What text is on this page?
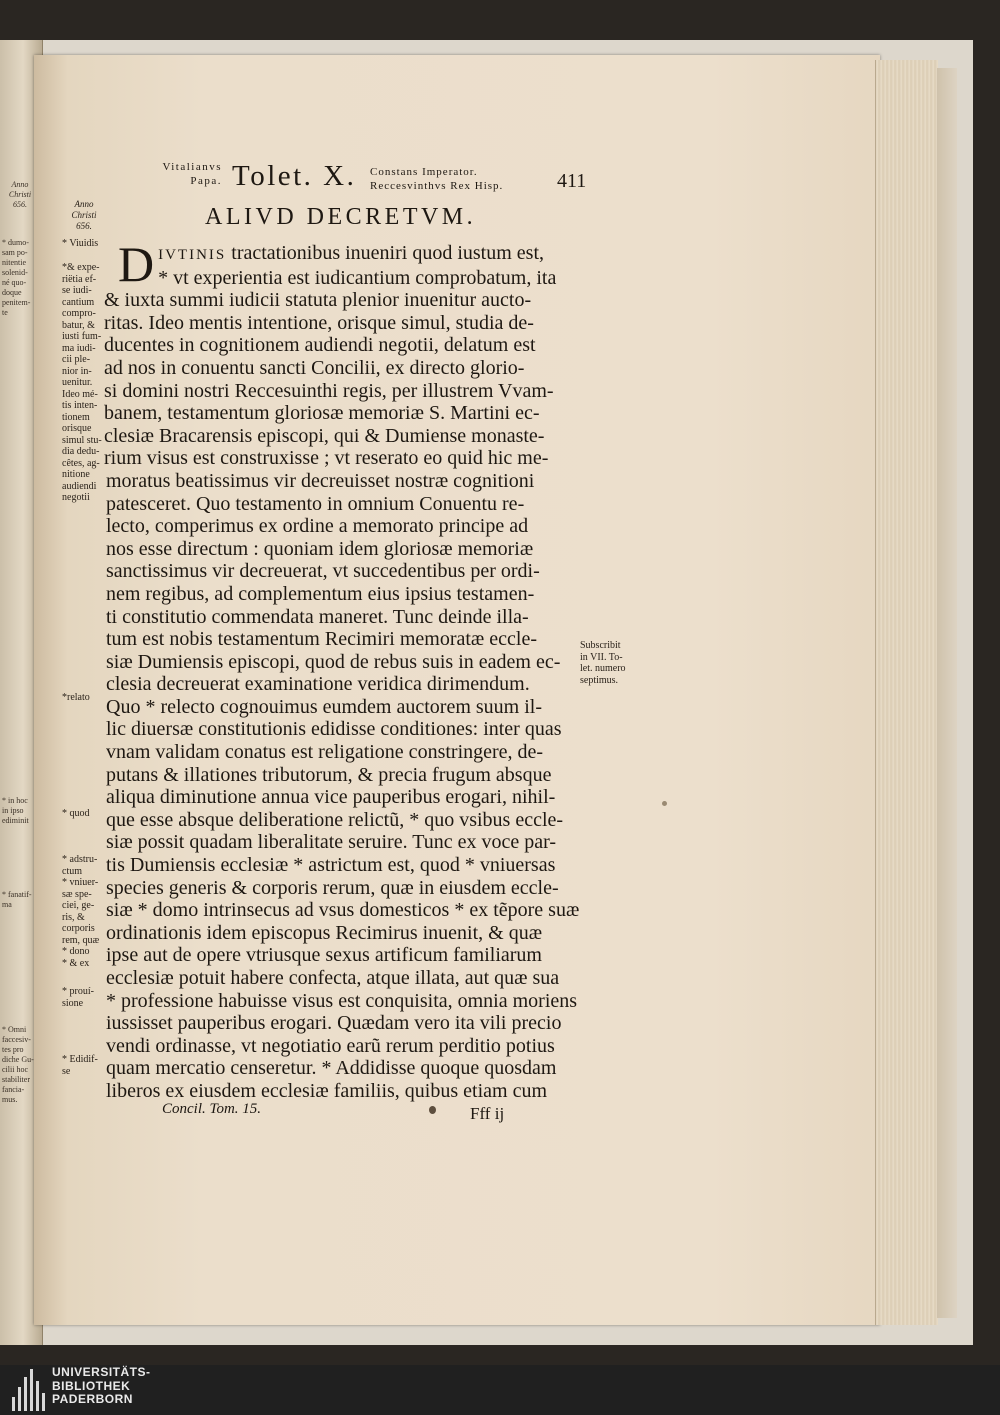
Anno
Christi
656.
* dumo-
sam po-
nitentie
solenid-
né quo-
doque
penitem-
te
* in hoc
in ipso
ediminit
* fanatif-
ma
* Omni
faccesiv-
tes pro
diche Gu-
cilii hoc
stabiliter
fancia-
mus.
Vitalianvs
Papa. Tolet. X. Constans Imperator.
Reccesvinthvs Rex Hisp.	411
Anno
Christi
656.	ALIVD DECRETVM.
* Viuidis
*& expe-
riëtia ef-
se iudi-
cantium
compro-
batur, &
iusti fum-
ma iudi-
cii ple-
nior in-
uenitur.
Ideo mé-
tis inten-
tionem
orisque
simul stu-
dia dedu-
cêtes, ag-
nitione
audiendi
negotii
*relato
* quod
* adstru-
ctum
* vniuer-
sæ spe-
ciei, ge-
ris, &
corporis
rem, quæ
* dono
* & ex
* prouí-
sione
* Edidif-
se
D IVTINIS tractationibus inueniri quod iustum est,
* vt experientia est iudicantium comprobatum, ita
& iuxta summi iudicii statuta plenior inuenitur aucto-
ritas. Ideo mentis intentione, orisque simul, studia de-
ducentes in cognitionem audiendi negotii, delatum est
ad nos in conuentu sancti Concilii, ex directo glorio-
si domini nostri Reccesuinthi regis, per illustrem Vvam-
banem, testamentum gloriosæ memoriæ S. Martini ec-
clesiæ Bracarensis episcopi, qui & Dumiense monaste-
rium visus est construxisse ; vt reserato eo quid hic me-
moratus beatissimus vir decreuisset nostræ cognitioni
patesceret. Quo testamento in omnium Conuentu re-
lecto, comperimus ex ordine a memorato principe ad
nos esse directum : quoniam idem gloriosæ memoriæ
sanctissimus vir decreuerat, vt succedentibus per ordi-
nem regibus, ad complementum eius ipsius testamen-
ti constitutio commendata maneret. Tunc deinde illa-
tum est nobis testamentum Recimiri memoratæ eccle-
siæ Dumiensis episcopi, quod de rebus suis in eadem ec-
clesia decreuerat examinatione veridica dirimendum.
Quo * relecto cognouimus eumdem auctorem suum il-
lic diuersæ constitutionis edidisse conditiones: inter quas
vnam validam conatus est religatione constringere, de-
putans & illationes tributorum, & precia frugum absque
aliqua diminutione annua vice pauperibus erogari, nihil-
que esse absque deliberatione relictũ, * quo vsibus eccle-
siæ possit quadam liberalitate seruire. Tunc ex voce par-
tis Dumiensis ecclesiæ * astrictum est, quod * vniuersas
species generis & corporis rerum, quæ in eiusdem eccle-
siæ * domo intrinsecus ad vsus domesticos * ex tẽpore suæ
ordinationis idem episcopus Recimirus inuenit, & quæ
ipse aut de opere vtriusque sexus artificum familiarum
ecclesiæ potuit habere confecta, atque illata, aut quæ sua
* professione habuisse visus est conquisita, omnia moriens
iussisset pauperibus erogari. Quædam vero ita vili precio
vendi ordinasse, vt negotiatio earũ rerum perditio potius
quam mercatio censeretur. * Addidisse quoque quosdam
liberos ex eiusdem ecclesiæ familiis, quibus etiam cum
Subscribit
in VII. To-
let. numero
septimus.
Concil. Tom. 15.	Fff ij
UNIVERSITÄTS-
BIBLIOTHEK
PADERBORN
